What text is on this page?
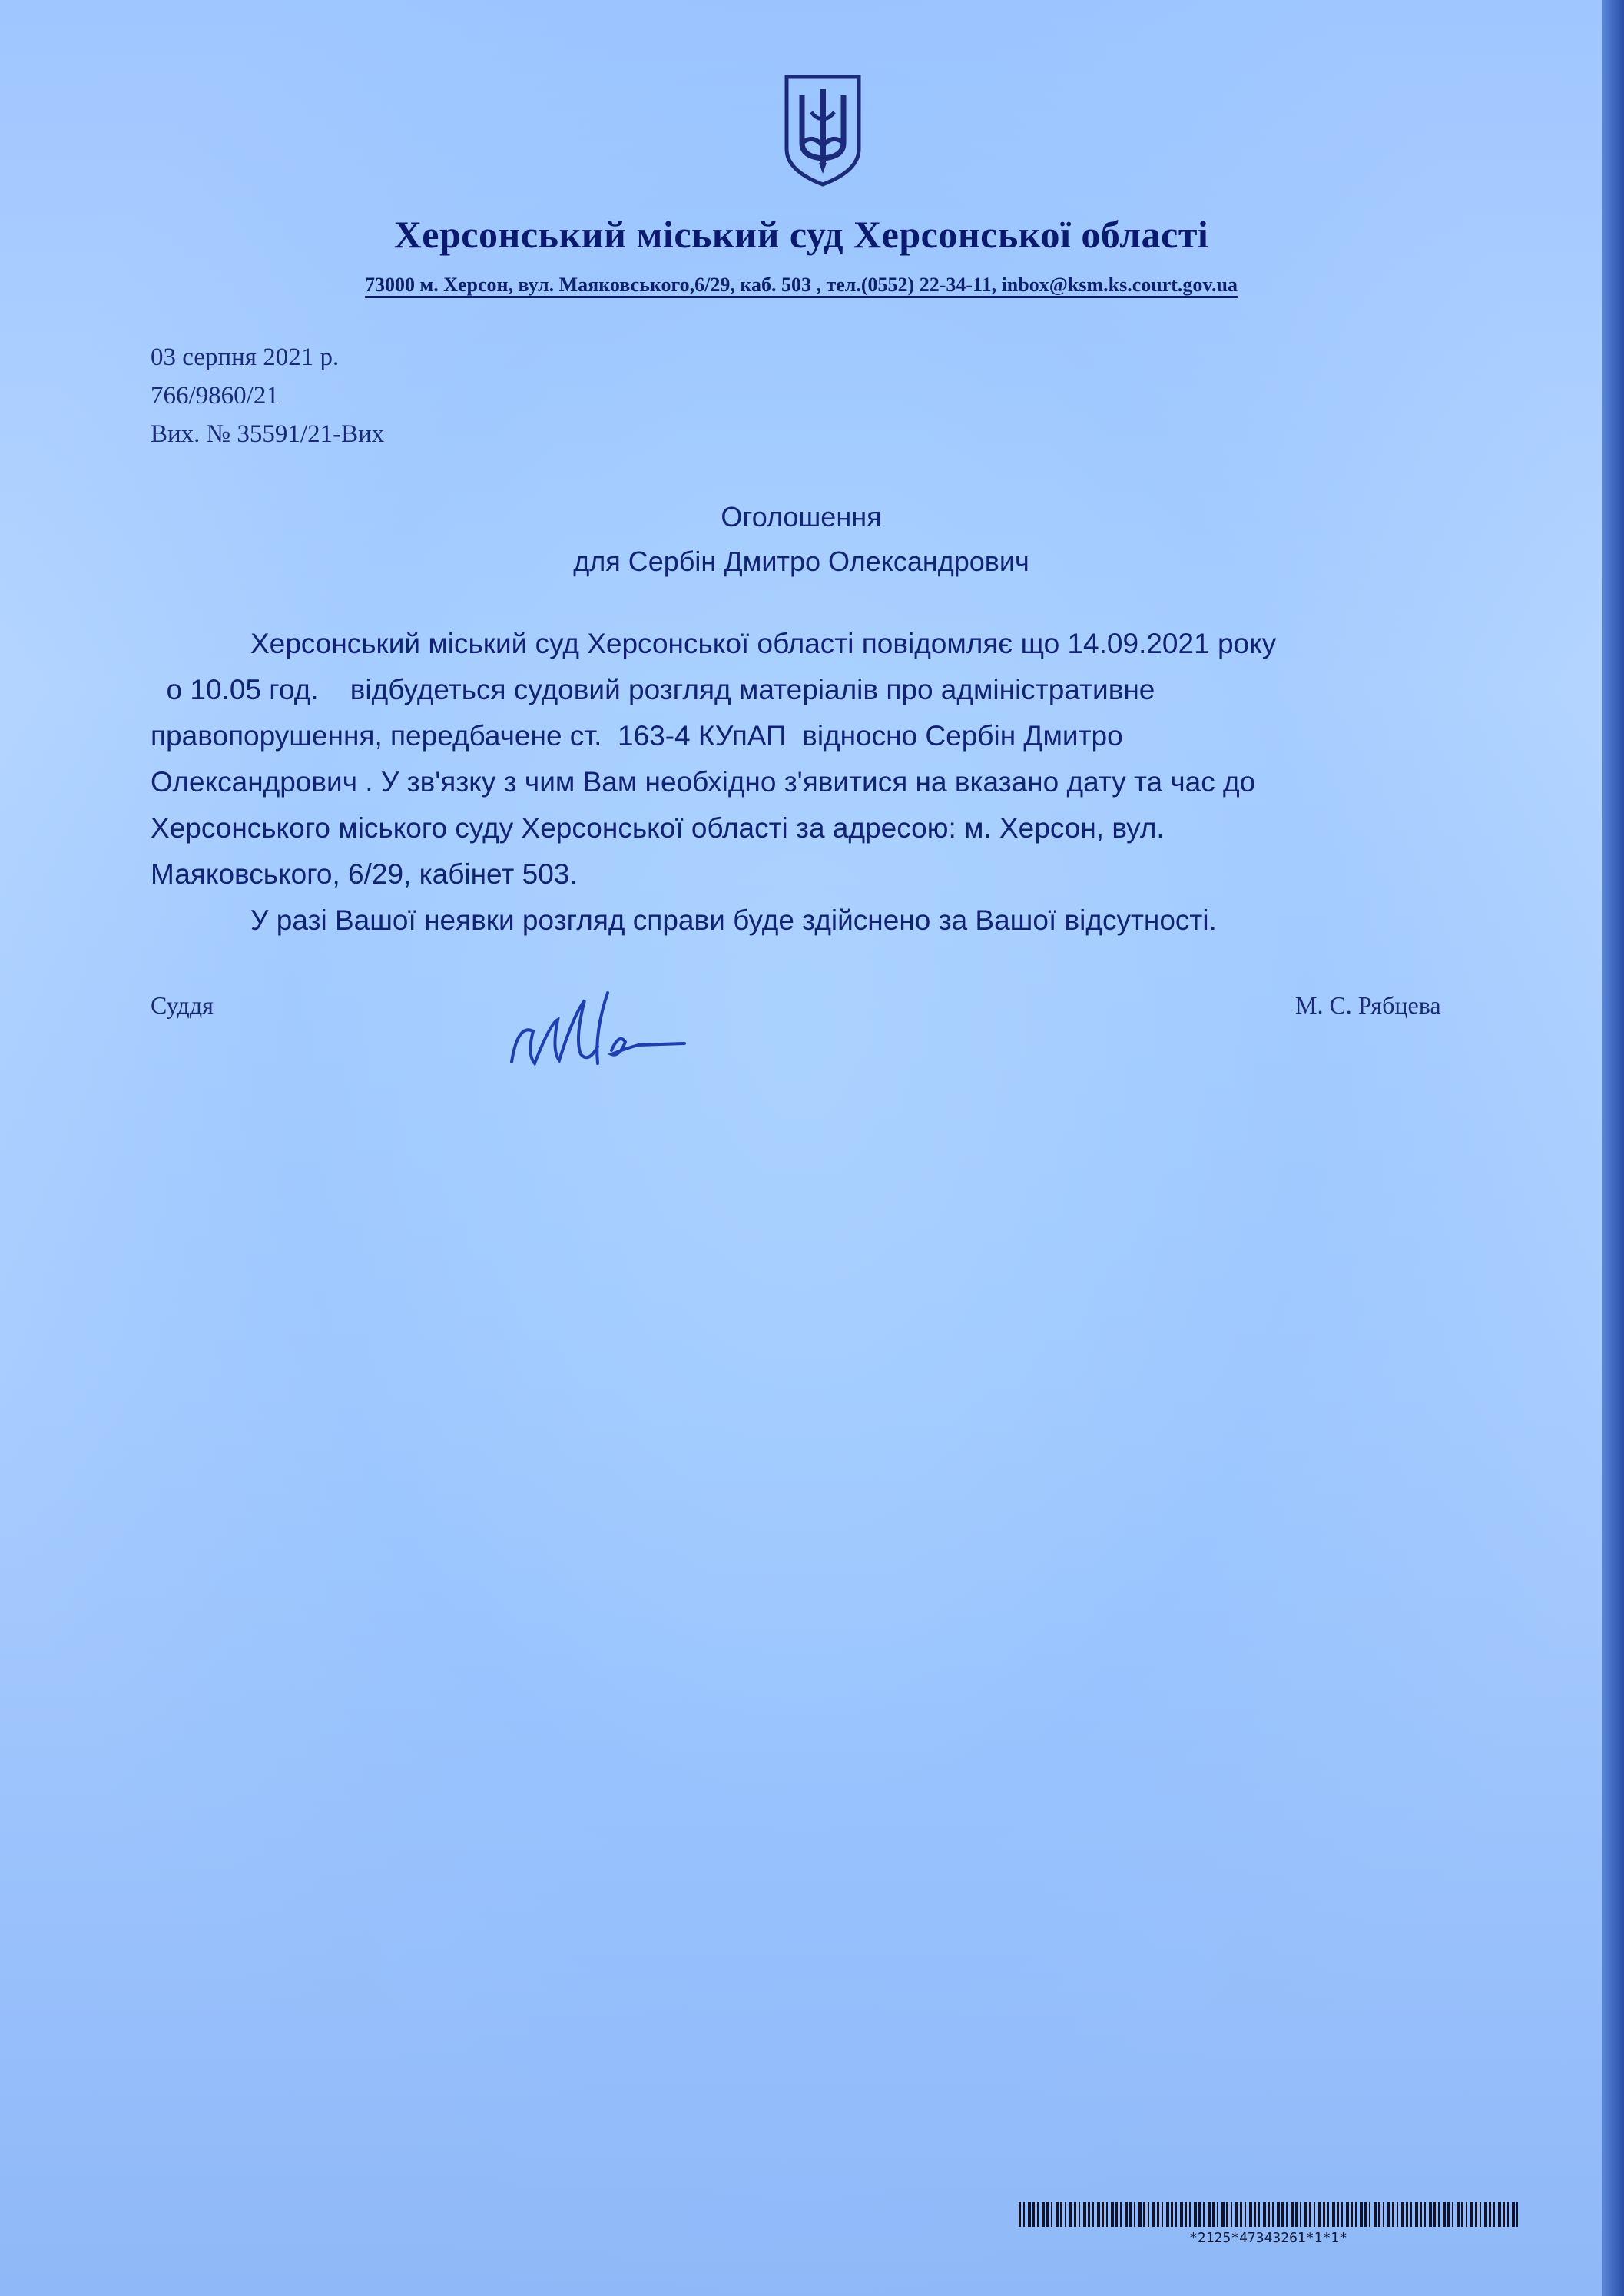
Херсонський міський суд Херсонської області
73000 м. Херсон, вул. Маяковського,6/29, каб. 503 , тел.(0552) 22-34-11, inbox@ksm.ks.court.gov.ua
03 серпня 2021 р.
766/9860/21
Вих. № 35591/21-Вих
Оголошення
для Сербін Дмитро Олександрович
Херсонський міський суд Херсонської області повідомляє що 14.09.2021 року
о 10.05 год.    відбудеться судовий розгляд матеріалів про адміністративне
правопорушення, передбачене ст.  163-4 КУпАП  відносно Сербін Дмитро
Олександрович . У зв'язку з чим Вам необхідно з'явитися на вказано дату та час до
Херсонського міського суду Херсонської області за адресою: м. Херсон, вул.
Маяковського, 6/29, кабінет 503.
У разі Вашої неявки розгляд справи буде здійснено за Вашої відсутності.
Суддя	М. С. Рябцева
*2125*47343261*1*1*
